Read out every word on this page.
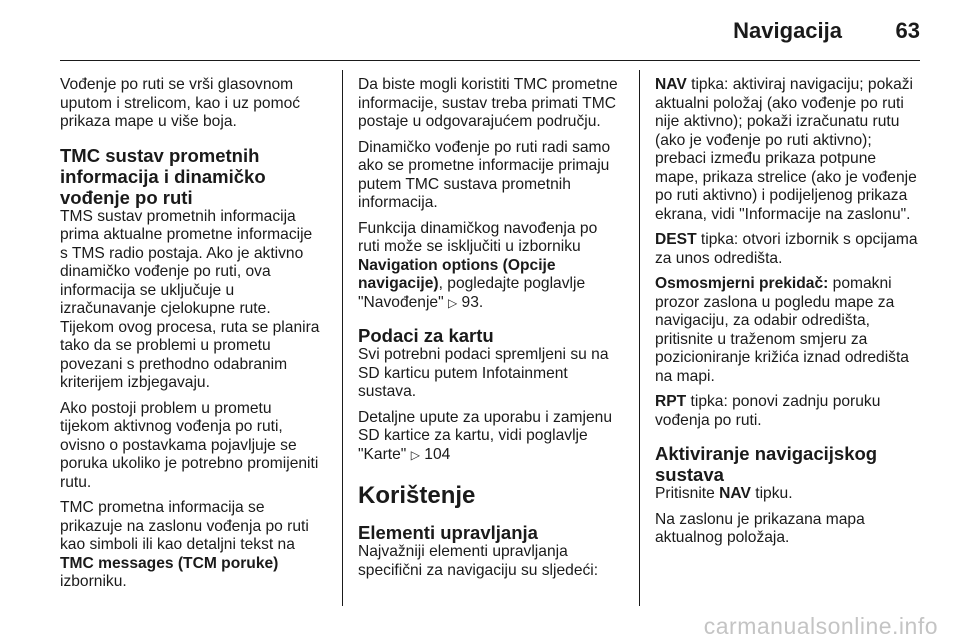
Navigacija 63

Vođenje po ruti se vrši glasovnom uputom i strelicom, kao i uz pomoć prikaza mape u više boja.

TMC sustav prometnih informacija i dinamičko vođenje po ruti

TMS sustav prometnih informacija prima aktualne prometne informacije s TMS radio postaja. Ako je aktivno dinamičko vođenje po ruti, ova informacija se uključuje u izračunavanje cjelokupne rute. Tijekom ovog procesa, ruta se planira tako da se problemi u prometu povezani s prethodno odabranim kriterijem izbjegavaju.

Ako postoji problem u prometu tijekom aktivnog vođenja po ruti, ovisno o postavkama pojavljuje se poruka ukoliko je potrebno promijeniti rutu.

TMC prometna informacija se prikazuje na zaslonu vođenja po ruti kao simboli ili kao detaljni tekst na TMC messages (TCM poruke) izborniku.

Da biste mogli koristiti TMC prometne informacije, sustav treba primati TMC postaje u odgovarajućem području.

Dinamičko vođenje po ruti radi samo ako se prometne informacije primaju putem TMC sustava prometnih informacija.

Funkcija dinamičkog navođenja po ruti može se isključiti u izborniku Navigation options (Opcije navigacije), pogledajte poglavlje "Navođenje" ▷ 93.

Podaci za kartu

Svi potrebni podaci spremljeni su na SD karticu putem Infotainment sustava.

Detaljne upute za uporabu i zamjenu SD kartice za kartu, vidi poglavlje "Karte" ▷ 104

Korištenje
Elementi upravljanja

Najvažniji elementi upravljanja specifični za navigaciju su sljedeći:

NAV tipka: aktiviraj navigaciju; pokaži aktualni položaj (ako vođenje po ruti nije aktivno); pokaži izračunatu rutu (ako je vođenje po ruti aktivno); prebaci između prikaza potpune mape, prikaza strelice (ako je vođenje po ruti aktivno) i podijeljenog prikaza ekrana, vidi "Informacije na zaslonu".

DEST tipka: otvori izbornik s opcijama za unos odredišta.

Osmosmjerni prekidač: pomakni prozor zaslona u pogledu mape za navigaciju, za odabir odredišta, pritisnite u traženom smjeru za pozicioniranje križića iznad odredišta na mapi.

RPT tipka: ponovi zadnju poruku vođenja po ruti.

Aktiviranje navigacijskog sustava

Pritisnite NAV tipku.

Na zaslonu je prikazana mapa aktualnog položaja.

carmanualsonline.info
